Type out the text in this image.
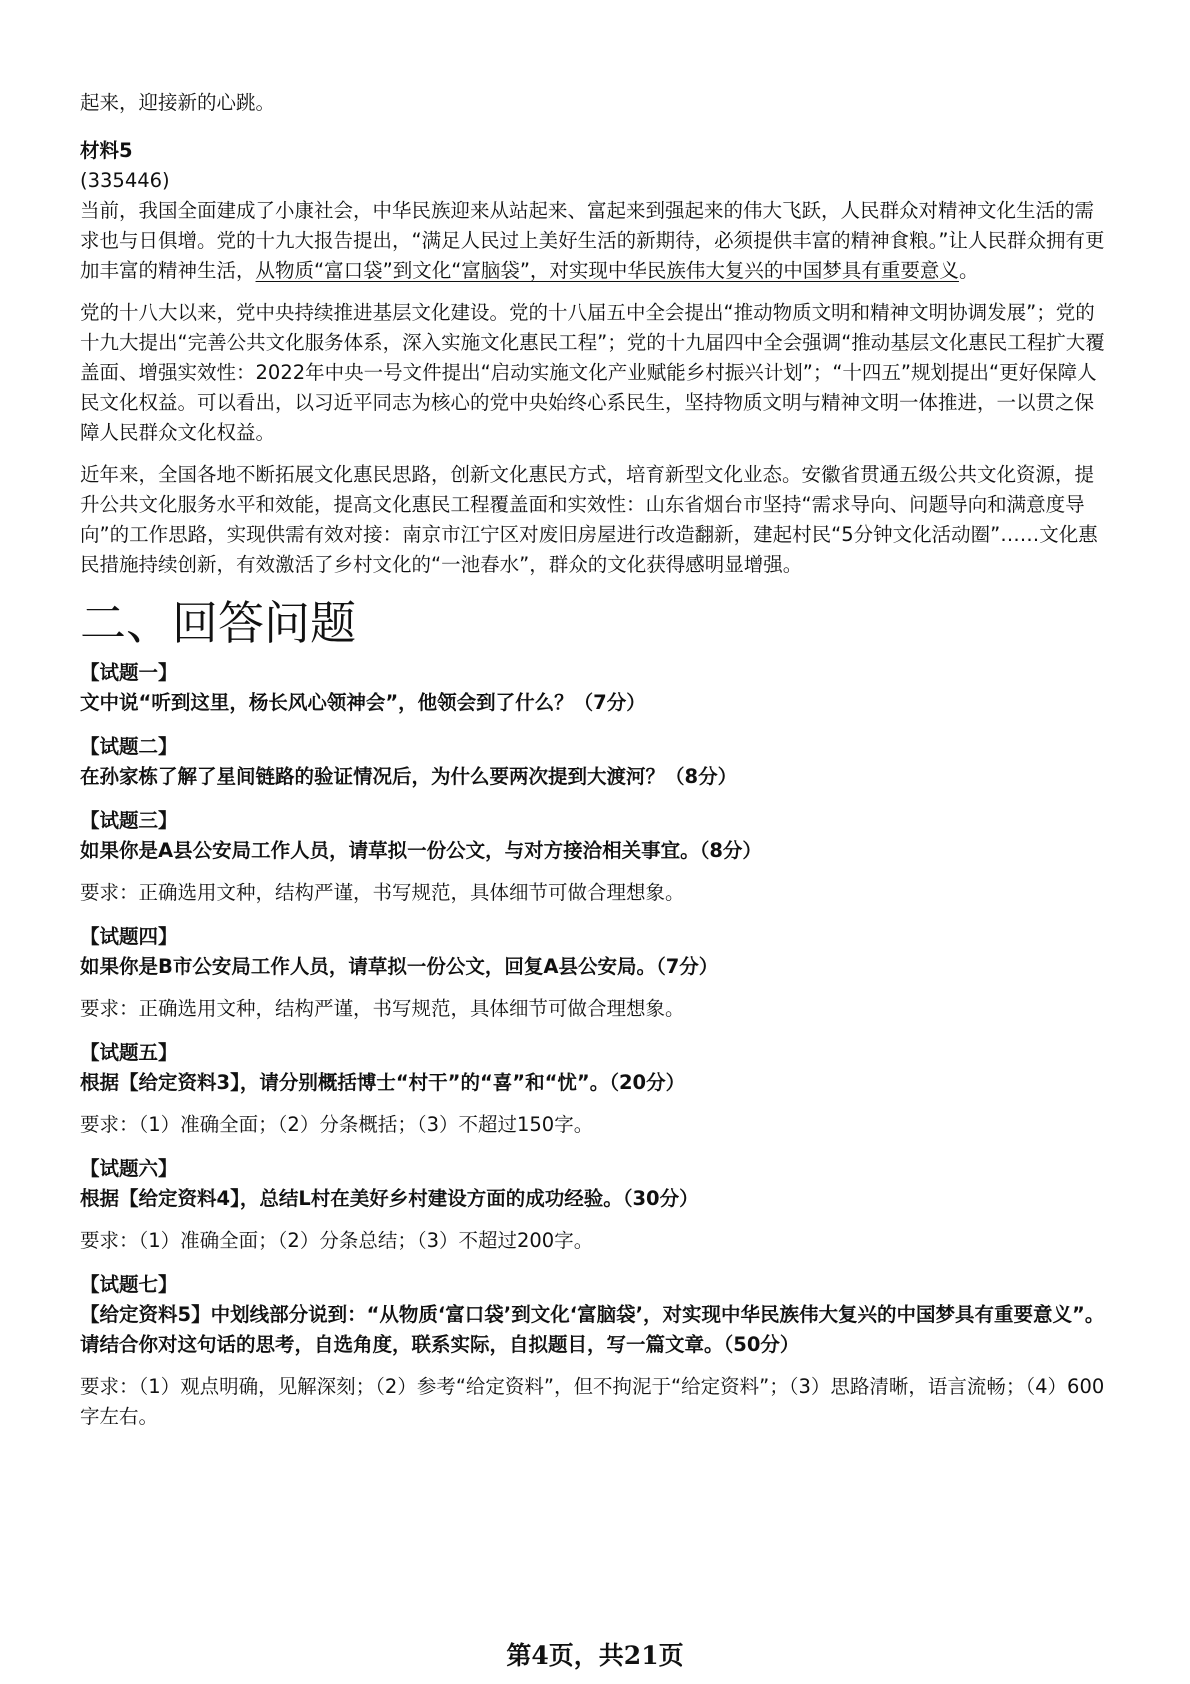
起来，迎接新的心跳。

材料5

(335446)

当前，我国全面建成了小康社会，中华民族迎来从站起来、富起来到强起来的伟大飞跃，人民群众对精神文化生活的需求也与日俱增。党的十九大报告提出，“满足人民过上美好生活的新期待，必须提供丰富的精神食粮。”让人民群众拥有更加丰富的精神生活，从物质“富口袋”到文化“富脑袋”，对实现中华民族伟大复兴的中国梦具有重要意义。

党的十八大以来，党中央持续推进基层文化建设。党的十八届五中全会提出“推动物质文明和精神文明协调发展”；党的十九大提出“完善公共文化服务体系，深入实施文化惠民工程”；党的十九届四中全会强调“推动基层文化惠民工程扩大覆盖面、增强实效性：2022年中央一号文件提出“启动实施文化产业赋能乡村振兴计划”；“十四五”规划提出“更好保障人民文化权益。可以看出，以习近平同志为核心的党中央始终心系民生，坚持物质文明与精神文明一体推进，一以贯之保障人民群众文化权益。

近年来，全国各地不断拓展文化惠民思路，创新文化惠民方式，培育新型文化业态。安徽省贯通五级公共文化资源，提升公共文化服务水平和效能，提高文化惠民工程覆盖面和实效性：山东省烟台市坚持“需求导向、问题导向和满意度导向”的工作思路，实现供需有效对接：南京市江宁区对废旧房屋进行改造翻新，建起村民“5分钟文化活动圈”……文化惠民措施持续创新，有效激活了乡村文化的“一池春水”，群众的文化获得感明显增强。

二、回答问题

【试题一】

文中说“听到这里，杨长风心领神会”，他领会到了什么？（7分）

【试题二】

在孙家栋了解了星间链路的验证情况后，为什么要两次提到大渡河？（8分）

【试题三】

如果你是A县公安局工作人员，请草拟一份公文，与对方接洽相关事宜。（8分）

要求：正确选用文种，结构严谨，书写规范，具体细节可做合理想象。

【试题四】

如果你是B市公安局工作人员，请草拟一份公文，回复A县公安局。（7分）

要求：正确选用文种，结构严谨，书写规范，具体细节可做合理想象。

【试题五】

根据【给定资料3】，请分别概括博士“村干”的“喜”和“忧”。（20分）

要求：（1）准确全面；（2）分条概括；（3）不超过150字。

【试题六】

根据【给定资料4】，总结L村在美好乡村建设方面的成功经验。（30分）

要求：（1）准确全面；（2）分条总结；（3）不超过200字。

【试题七】

【给定资料5】中划线部分说到：“从物质‘富口袋’到文化‘富脑袋’，对实现中华民族伟大复兴的中国梦具有重要意义”。请结合你对这句话的思考，自选角度，联系实际，自拟题目，写一篇文章。（50分）

要求：（1）观点明确，见解深刻；（2）参考“给定资料”，但不拘泥于“给定资料”；（3）思路清晰，语言流畅；（4）600字左右。

第4页，共21页
